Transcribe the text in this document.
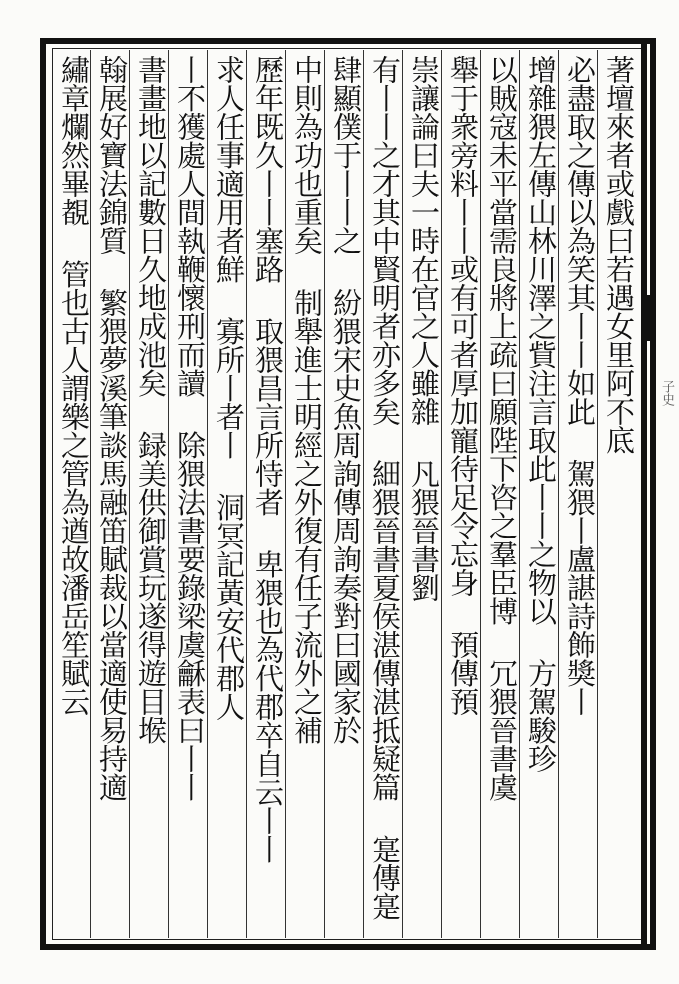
子史
著壇來者或戲曰若遇女里阿不底
必盡取之傳以為笑其丨丨如此 駕猥丨盧諶詩飾獎丨
增雜猥左傳山林川澤之貲注言取此丨丨之物以 方駕駿珍
以賊寇未平當需良將上疏曰願陛下咨之羣臣博 冗猥晉書虞
舉于衆旁料丨丨或有可者厚加寵待足令忘身 預傳預
崇讓論曰夫一時在官之人雖雜 凡猥晉書劉
有丨丨之才其中賢明者亦多矣 細猥晉書夏侯湛傳湛抵疑篇 寔傳寔
肆顯僕于丨丨之 紛猥宋史魚周詢傳周詢奏對曰國家於
中則為功也重矣 制舉進士明經之外復有任子流外之補
歷年既久丨丨塞路 取猥昌言所恃者 卑猥也為代郡卒自云丨丨
求人任事適用者鮮 寡所丨者丨 洞冥記黃安代郡人
丨不獲處人間執鞭懷刑而讀 除猥法書要錄梁虞龢表曰丨丨
書畫地以記數日久地成池矣 録美供御賞玩遂得遊目堠
翰展好寶法錦質 繁猥夢溪筆談馬融笛賦裁以當適使易持適
繡章爛然畢覩 管也古人謂樂之管為遒故潘岳笙賦云
